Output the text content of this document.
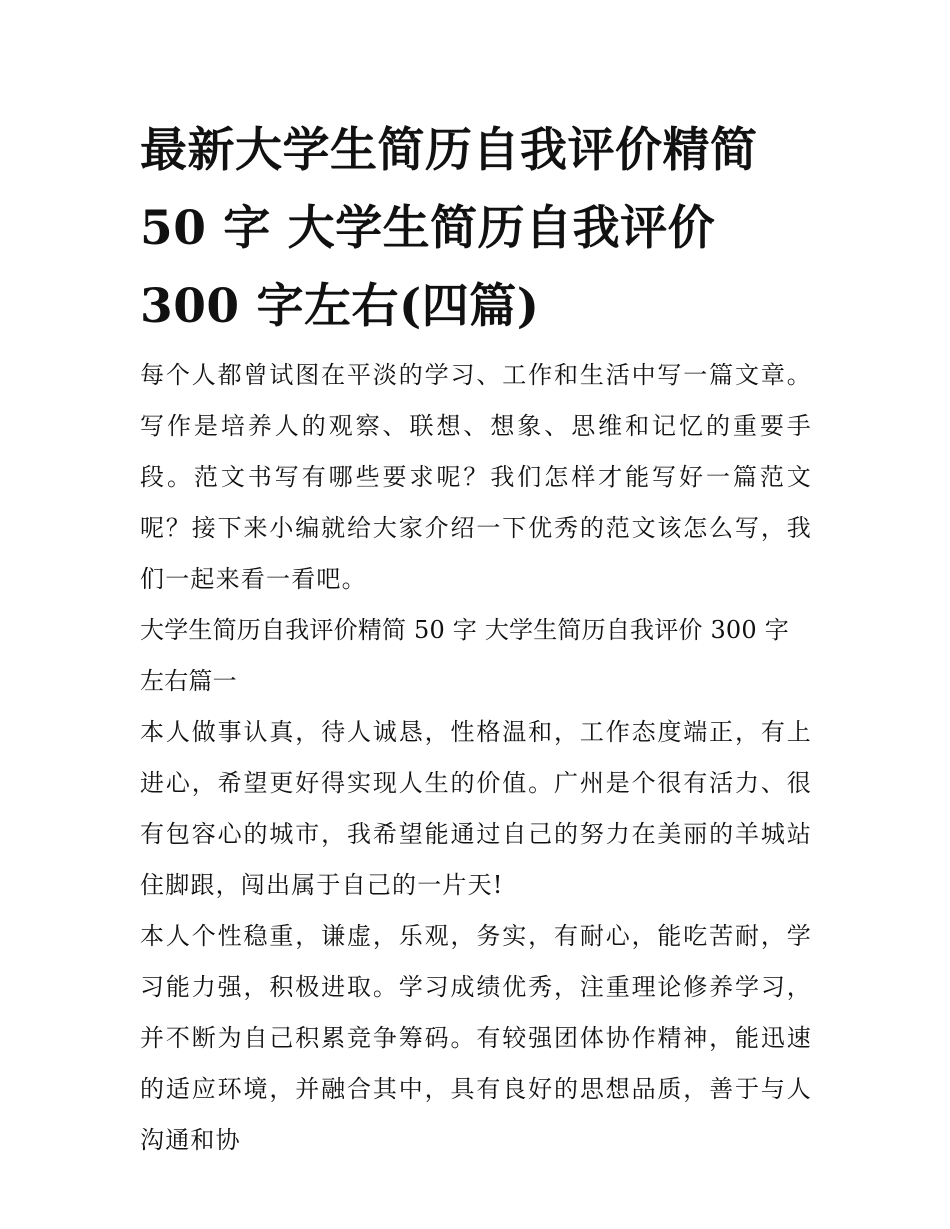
最新大学生简历自我评价精简 50 字 大学生简历自我评价 300 字左右(四篇)

每个人都曾试图在平淡的学习、工作和生活中写一篇文章。写作是培养人的观察、联想、想象、思维和记忆的重要手段。范文书写有哪些要求呢？我们怎样才能写好一篇范文呢？接下来小编就给大家介绍一下优秀的范文该怎么写，我们一起来看一看吧。

大学生简历自我评价精简 50 字 大学生简历自我评价 300 字左右篇一

本人做事认真，待人诚恳，性格温和，工作态度端正，有上进心，希望更好得实现人生的价值。广州是个很有活力、很有包容心的城市，我希望能通过自己的努力在美丽的羊城站住脚跟，闯出属于自己的一片天!

本人个性稳重，谦虚，乐观，务实，有耐心，能吃苦耐，学习能力强，积极进取。学习成绩优秀，注重理论修养学习，并不断为自己积累竞争筹码。有较强团体协作精神，能迅速的适应环境，并融合其中，具有良好的思想品质，善于与人沟通和协
